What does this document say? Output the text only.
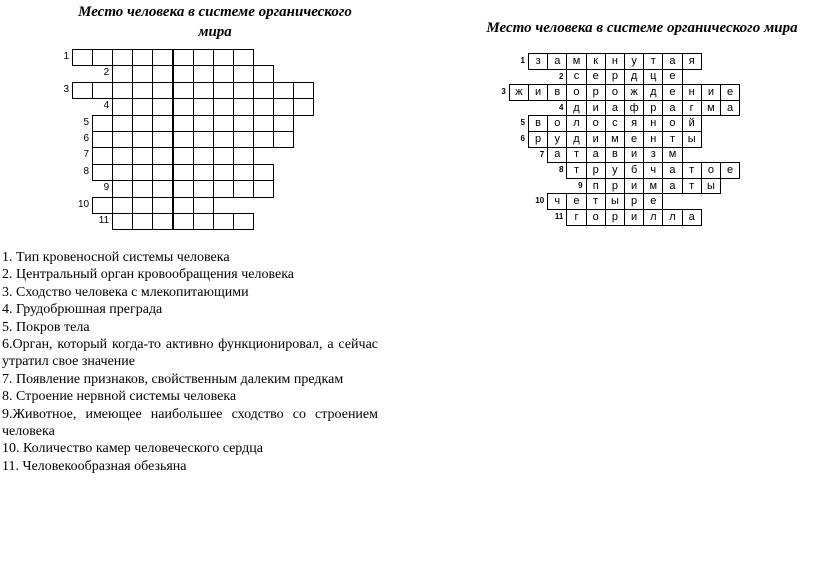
Место человека в системе органического
мира	Место человека в системе органического мира
1
2
3
4
5
6
7
8
9
10
11
1 з	а	м	к	н	у	т	а	я
2 с	е	р	д	ц	е
3 ж	и	в	о	р	о	ж	д	е	н	и	е
4 д	и	а	ф	р	а	г	м	а
5 в	о	л	о	с	я	н	о	й
6 р	у	д	и	м	е	н	т	ы
7 а	т	а	в	и	з	м
8 т	р	у	б	ч	а	т	о	е
9 п	р	и	м	а	т	ы
10 ч	е	т	ы	р	е
11	г	о	р	и	л	л	а
1. Тип кровеносной системы человека
2. Центральный орган кровообращения человека
3. Сходство человека с млекопитающими
4. Грудобрюшная преграда
5. Покров тела
6.Орган, который когда-то активно функционировал, а сейчас утратил свое значение
7. Появление признаков, свойственным далеким предкам
8. Строение нервной системы человека
9.Животное, имеющее наибольшее сходство со строением человека
10. Количество камер человеческого сердца
11. Человекообразная обезьяна
